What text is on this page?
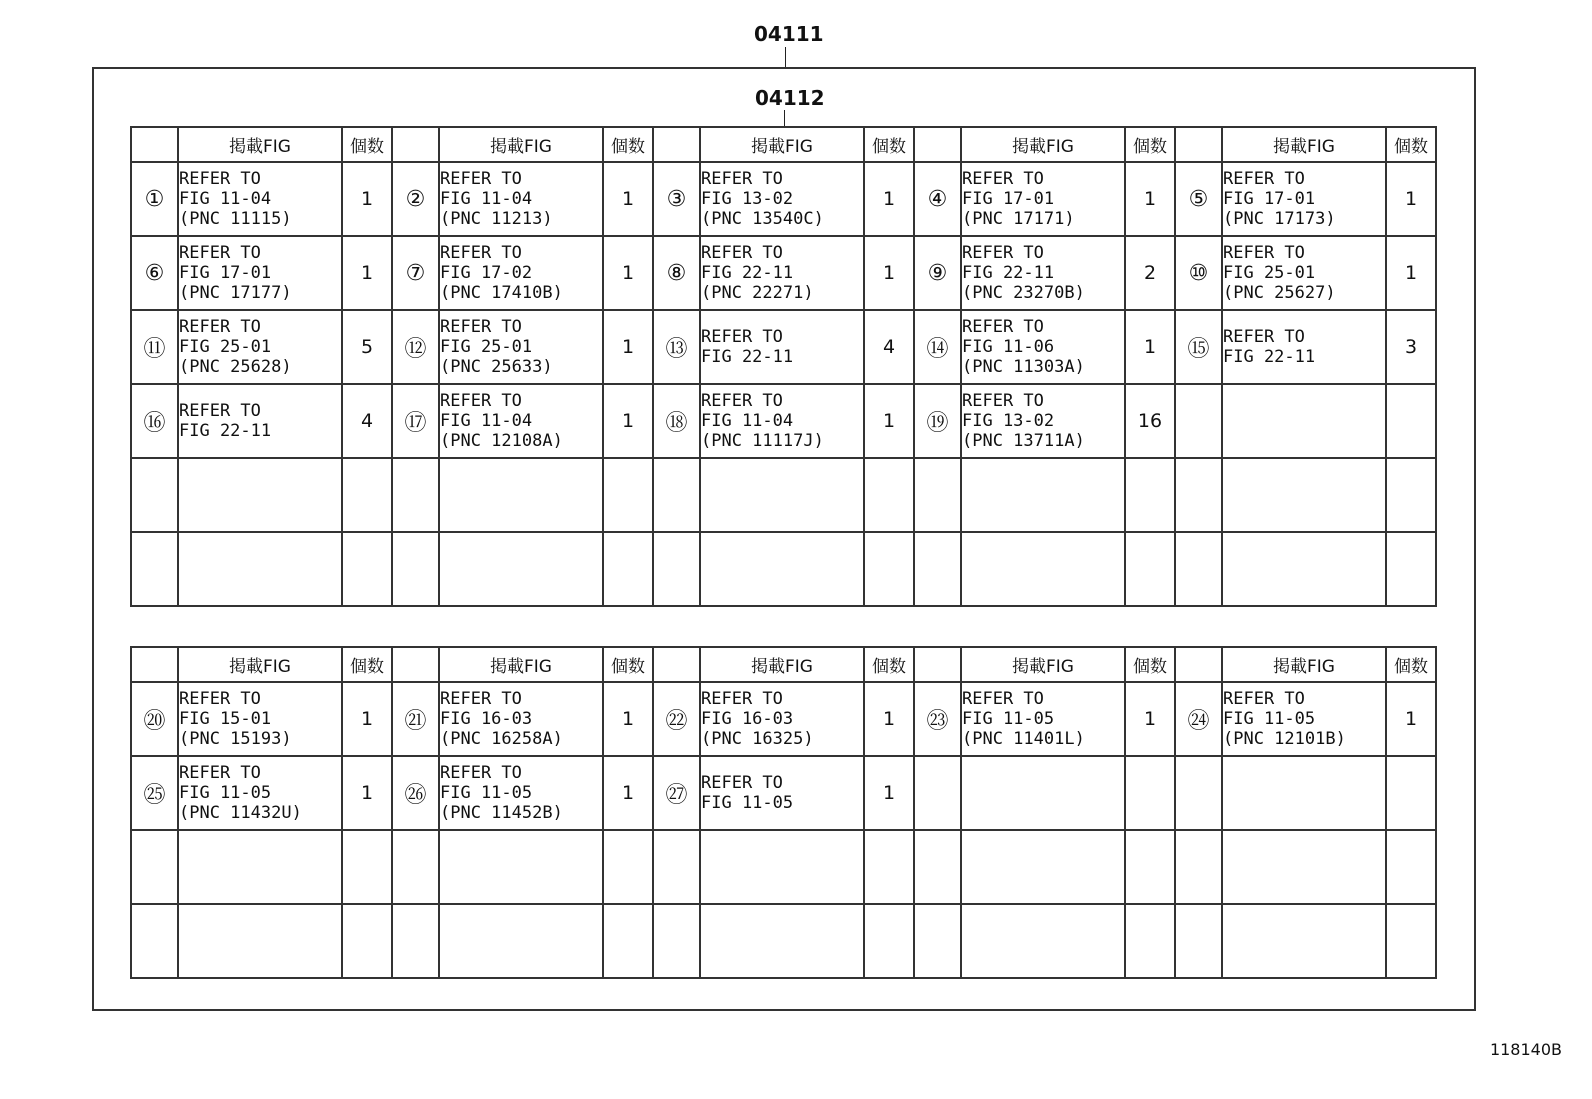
04111
04112
	掲載FIG	個数		掲載FIG	個数		掲載FIG	個数		掲載FIG	個数		掲載FIG	個数
①	REFER TO
FIG 11-04
(PNC 11115)	1	②	REFER TO
FIG 11-04
(PNC 11213)	1	③	REFER TO
FIG 13-02
(PNC 13540C)	1	④	REFER TO
FIG 17-01
(PNC 17171)	1	⑤	REFER TO
FIG 17-01
(PNC 17173)	1
⑥	REFER TO
FIG 17-01
(PNC 17177)	1	⑦	REFER TO
FIG 17-02
(PNC 17410B)	1	⑧	REFER TO
FIG 22-11
(PNC 22271)	1	⑨	REFER TO
FIG 22-11
(PNC 23270B)	2	⑩	REFER TO
FIG 25-01
(PNC 25627)	1
⑪	REFER TO
FIG 25-01
(PNC 25628)	5	⑫	REFER TO
FIG 25-01
(PNC 25633)	1	⑬	REFER TO
FIG 22-11	4	⑭	REFER TO
FIG 11-06
(PNC 11303A)	1	⑮	REFER TO
FIG 22-11	3
⑯	REFER TO
FIG 22-11	4	⑰	REFER TO
FIG 11-04
(PNC 12108A)	1	⑱	REFER TO
FIG 11-04
(PNC 11117J)	1	⑲	REFER TO
FIG 13-02
(PNC 13711A)	16			

	掲載FIG	個数		掲載FIG	個数		掲載FIG	個数		掲載FIG	個数		掲載FIG	個数
⑳	REFER TO
FIG 15-01
(PNC 15193)	1	㉑	REFER TO
FIG 16-03
(PNC 16258A)	1	㉒	REFER TO
FIG 16-03
(PNC 16325)	1	㉓	REFER TO
FIG 11-05
(PNC 11401L)	1	㉔	REFER TO
FIG 11-05
(PNC 12101B)	1
㉕	REFER TO
FIG 11-05
(PNC 11432U)	1	㉖	REFER TO
FIG 11-05
(PNC 11452B)	1	㉗	REFER TO
FIG 11-05	1						

118140B
